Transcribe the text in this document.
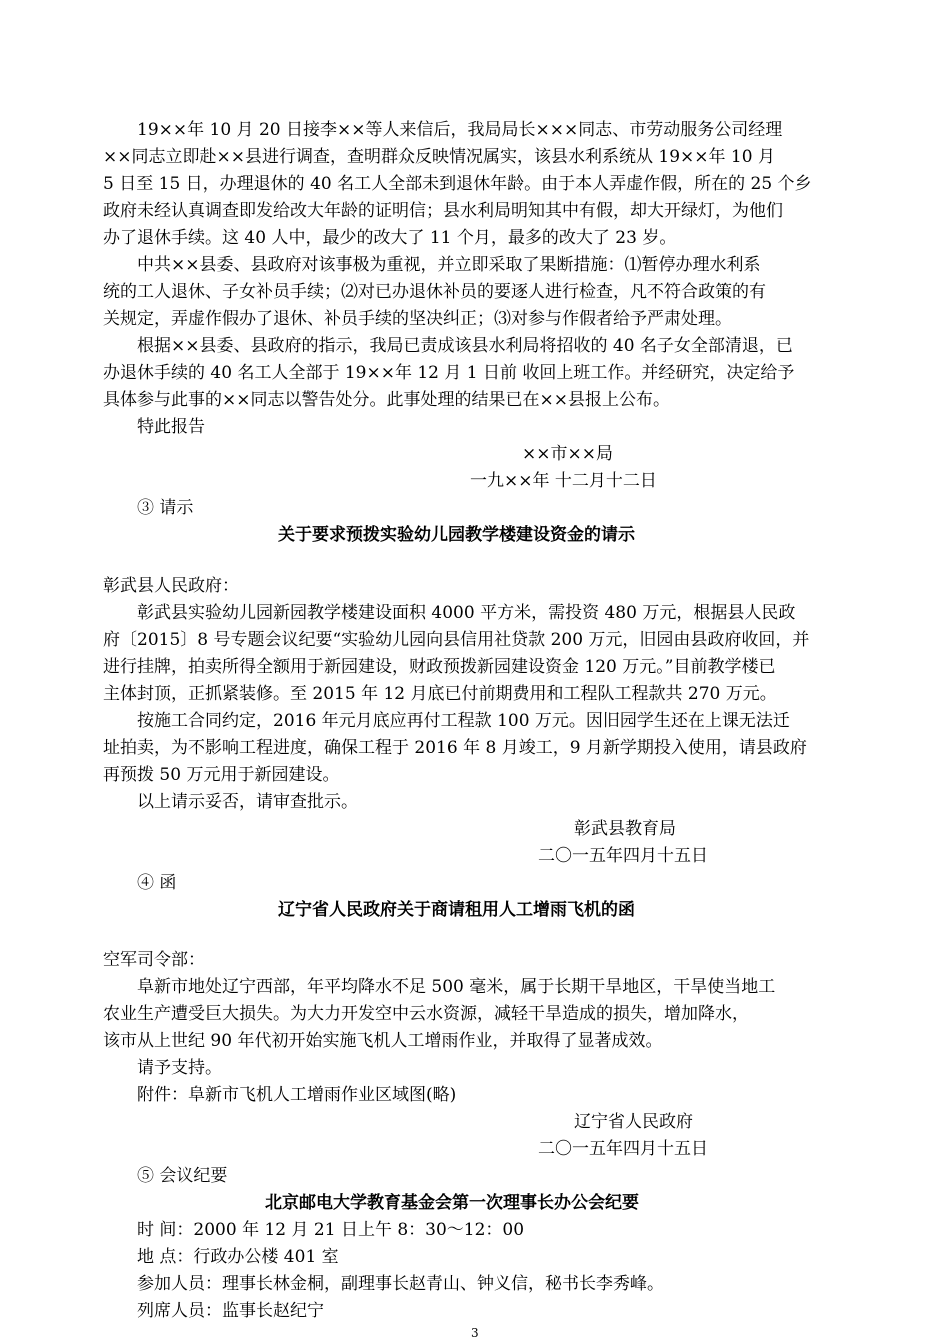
19××年 10 月 20 日接李××等人来信后，我局局长×××同志、市劳动服务公司经理
××同志立即赴××县进行调查，查明群众反映情况属实，该县水利系统从 19××年 10 月
5 日至 15 日，办理退休的 40 名工人全部未到退休年龄。由于本人弄虚作假，所在的 25 个乡
政府未经认真调查即发给改大年龄的证明信；县水利局明知其中有假，却大开绿灯，为他们
办了退休手续。这 40 人中，最少的改大了 11 个月，最多的改大了 23 岁。
中共××县委、县政府对该事极为重视，并立即采取了果断措施：⑴暂停办理水利系
统的工人退休、子女补员手续；⑵对已办退休补员的要逐人进行检查，凡不符合政策的有
关规定，弄虚作假办了退休、补员手续的坚决纠正；⑶对参与作假者给予严肃处理。
根据××县委、县政府的指示，我局已责成该县水利局将招收的 40 名子女全部清退，已
办退休手续的 40 名工人全部于 19××年 12 月 1 日前 收回上班工作。并经研究，决定给予
具体参与此事的××同志以警告处分。此事处理的结果已在××县报上公布。
特此报告
××市××局
一九××年 十二月十二日
③ 请示
关于要求预拨实验幼儿园教学楼建设资金的请示
彰武县人民政府：
彰武县实验幼儿园新园教学楼建设面积 4000 平方米，需投资 480 万元，根据县人民政
府〔2015〕8 号专题会议纪要“实验幼儿园向县信用社贷款 200 万元，旧园由县政府收回，并
进行挂牌，拍卖所得全额用于新园建设，财政预拨新园建设资金 120 万元。”目前教学楼已
主体封顶，正抓紧装修。至 2015 年 12 月底已付前期费用和工程队工程款共 270 万元。
按施工合同约定，2016 年元月底应再付工程款 100 万元。因旧园学生还在上课无法迁
址拍卖，为不影响工程进度，确保工程于 2016 年 8 月竣工，9 月新学期投入使用，请县政府
再预拨 50 万元用于新园建设。
以上请示妥否，请审查批示。
彰武县教育局
二〇一五年四月十五日
④ 函
辽宁省人民政府关于商请租用人工增雨飞机的函
空军司令部：
阜新市地处辽宁西部，年平均降水不足 500 毫米，属于长期干旱地区，干旱使当地工
农业生产遭受巨大损失。为大力开发空中云水资源，减轻干旱造成的损失，增加降水，
该市从上世纪 90 年代初开始实施飞机人工增雨作业，并取得了显著成效。
请予支持。
附件：阜新市飞机人工增雨作业区域图(略)
辽宁省人民政府
二〇一五年四月十五日
⑤ 会议纪要
北京邮电大学教育基金会第一次理事长办公会纪要
时 间：2000 年 12 月 21 日上午 8：30～12：00
地 点：行政办公楼 401 室
参加人员：理事长林金桐，副理事长赵青山、钟义信，秘书长李秀峰。
列席人员：监事长赵纪宁
3
